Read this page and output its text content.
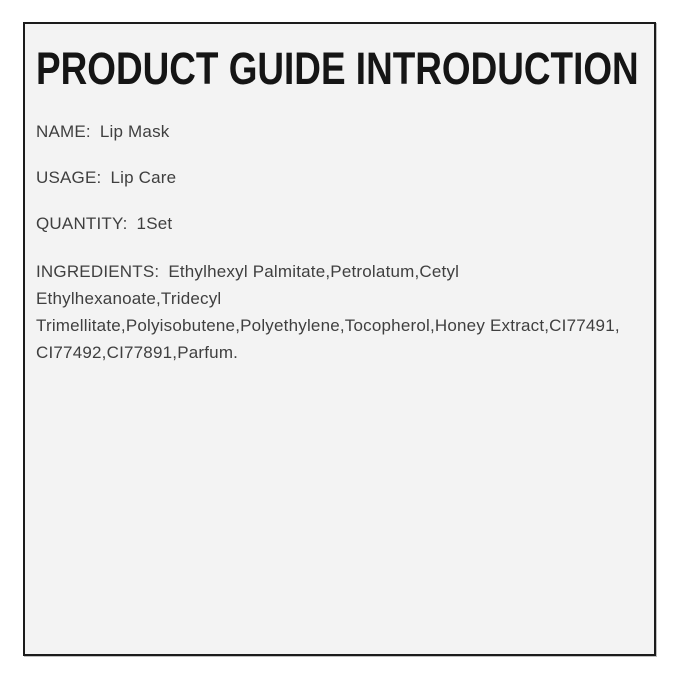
PRODUCT GUIDE INTRODUCTION
NAME: Lip Mask
USAGE: Lip Care
QUANTITY: 1Set

INGREDIENTS: Ethylhexyl Palmitate,Petrolatum,Cetyl Ethylhexanoate,Tridecyl Trimellitate,Polyisobutene,Polyethylene,Tocopherol,Honey Extract,CI77491, CI77492,CI77891,Parfum.
